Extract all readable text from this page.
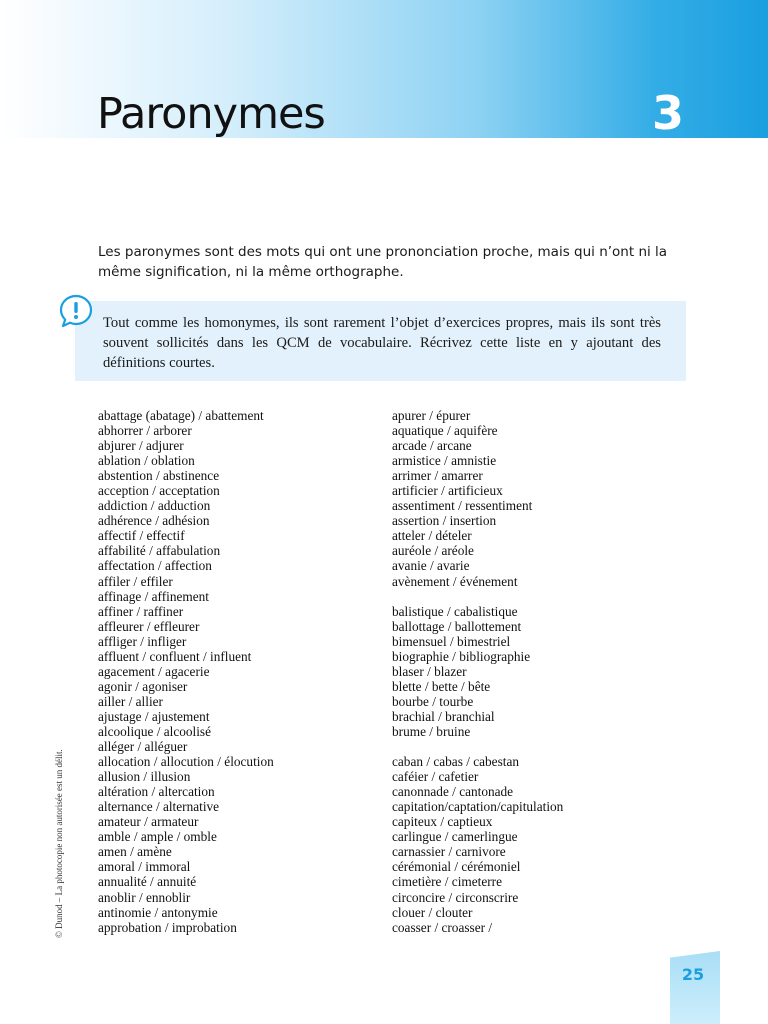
Paronymes	3

Les paronymes sont des mots qui ont une prononciation proche, mais qui n’ont ni la même signification, ni la même orthographe.

Tout comme les homonymes, ils sont rarement l’objet d’exercices propres, mais ils sont très souvent sollicités dans les QCM de vocabulaire. Récrivez cette liste en y ajoutant des définitions courtes.

abattage (abatage) / abattement
abhorrer / arborer
abjurer / adjurer
ablation / oblation
abstention / abstinence
acception / acceptation
addiction / adduction
adhérence / adhésion
affectif / effectif
affabilité / affabulation
affectation / affection
affiler / effiler
affinage / affinement
affiner / raffiner
affleurer / effleurer
affliger / infliger
affluent / confluent / influent
agacement / agacerie
agonir / agoniser
ailler / allier
ajustage / ajustement
alcoolique / alcoolisé
alléger / alléguer
allocation / allocution / élocution
allusion / illusion
altération / altercation
alternance / alternative
amateur / armateur
amble / ample / omble
amen / amène
amoral / immoral
annualité / annuité
anoblir / ennoblir
antinomie / antonymie
approbation / improbation
apurer / épurer
aquatique / aquifère
arcade / arcane
armistice / amnistie
arrimer / amarrer
artificier / artificieux
assentiment / ressentiment
assertion / insertion
atteler / dételer
auréole / aréole
avanie / avarie
avènement / événement
balistique / cabalistique
ballottage / ballottement
bimensuel / bimestriel
biographie / bibliographie
blaser / blazer
blette / bette / bête
bourbe / tourbe
brachial / branchial
brume / bruine
caban / cabas / cabestan
caféier / cafetier
canonnade / cantonade
capitation/captation/capitulation
capiteux / captieux
carlingue / camerlingue
carnassier / carnivore
cérémonial / cérémoniel
cimetière / cimeterre
circoncire / circonscrire
clouer / clouter
coasser / croasser /
© Dunod – La photocopie non autorisée est un délit.
25
